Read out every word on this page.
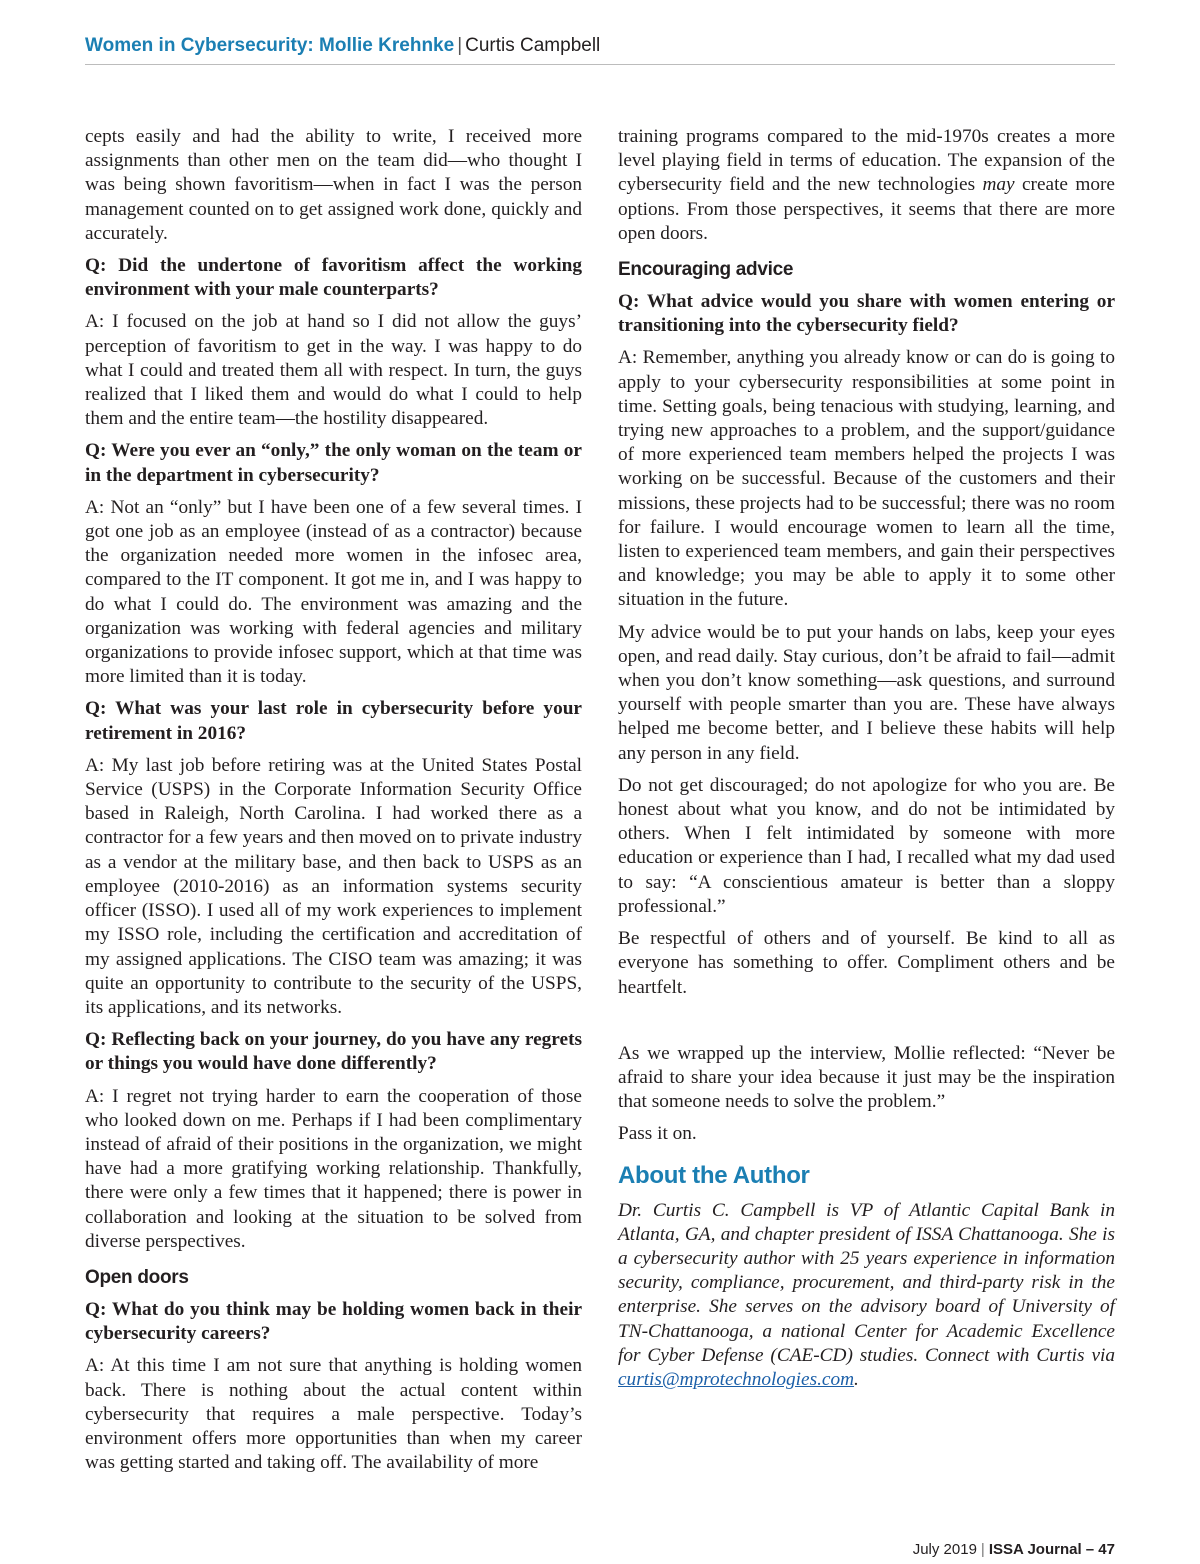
Women in Cybersecurity: Mollie Krehnke | Curtis Campbell

cepts easily and had the ability to write, I received more assignments than other men on the team did—who thought I was being shown favoritism—when in fact I was the person management counted on to get assigned work done, quickly and accurately.

Q: Did the undertone of favoritism affect the working environment with your male counterparts?

A: I focused on the job at hand so I did not allow the guys’ perception of favoritism to get in the way. I was happy to do what I could and treated them all with respect. In turn, the guys realized that I liked them and would do what I could to help them and the entire team—the hostility disappeared.

Q: Were you ever an “only,” the only woman on the team or in the department in cybersecurity?

A: Not an “only” but I have been one of a few several times. I got one job as an employee (instead of as a contractor) because the organization needed more women in the infosec area, compared to the IT component. It got me in, and I was happy to do what I could do. The environment was amazing and the organization was working with federal agencies and military organizations to provide infosec support, which at that time was more limited than it is today.

Q: What was your last role in cybersecurity before your retirement in 2016?

A: My last job before retiring was at the United States Postal Service (USPS) in the Corporate Information Security Office based in Raleigh, North Carolina. I had worked there as a contractor for a few years and then moved on to private industry as a vendor at the military base, and then back to USPS as an employee (2010-2016) as an information systems security officer (ISSO). I used all of my work experiences to implement my ISSO role, including the certification and accreditation of my assigned applications. The CISO team was amazing; it was quite an opportunity to contribute to the security of the USPS, its applications, and its networks.

Q: Reflecting back on your journey, do you have any regrets or things you would have done differently?

A: I regret not trying harder to earn the cooperation of those who looked down on me. Perhaps if I had been complimentary instead of afraid of their positions in the organization, we might have had a more gratifying working relationship. Thankfully, there were only a few times that it happened; there is power in collaboration and looking at the situation to be solved from diverse perspectives.

Open doors

Q: What do you think may be holding women back in their cybersecurity careers?

A: At this time I am not sure that anything is holding women back. There is nothing about the actual content within cybersecurity that requires a male perspective. Today’s environment offers more opportunities than when my career was getting started and taking off. The availability of more

training programs compared to the mid-1970s creates a more level playing field in terms of education. The expansion of the cybersecurity field and the new technologies may create more options. From those perspectives, it seems that there are more open doors.

Encouraging advice

Q: What advice would you share with women entering or transitioning into the cybersecurity field?

A: Remember, anything you already know or can do is going to apply to your cybersecurity responsibilities at some point in time. Setting goals, being tenacious with studying, learning, and trying new approaches to a problem, and the support/guidance of more experienced team members helped the projects I was working on be successful. Because of the customers and their missions, these projects had to be successful; there was no room for failure. I would encourage women to learn all the time, listen to experienced team members, and gain their perspectives and knowledge; you may be able to apply it to some other situation in the future.

My advice would be to put your hands on labs, keep your eyes open, and read daily. Stay curious, don’t be afraid to fail—admit when you don’t know something—ask questions, and surround yourself with people smarter than you are. These have always helped me become better, and I believe these habits will help any person in any field.

Do not get discouraged; do not apologize for who you are. Be honest about what you know, and do not be intimidated by others. When I felt intimidated by someone with more education or experience than I had, I recalled what my dad used to say: “A conscientious amateur is better than a sloppy professional.”

Be respectful of others and of yourself. Be kind to all as everyone has something to offer. Compliment others and be heartfelt.

As we wrapped up the interview, Mollie reflected: “Never be afraid to share your idea because it just may be the inspiration that someone needs to solve the problem.”

Pass it on.

About the Author

Dr. Curtis C. Campbell is VP of Atlantic Capital Bank in Atlanta, GA, and chapter president of ISSA Chattanooga. She is a cybersecurity author with 25 years experience in information security, compliance, procurement, and third-party risk in the enterprise. She serves on the advisory board of University of TN-Chattanooga, a national Center for Academic Excellence for Cyber Defense (CAE-CD) studies. Connect with Curtis via curtis@mprotechnologies.com.

July 2019 | ISSA Journal – 47
